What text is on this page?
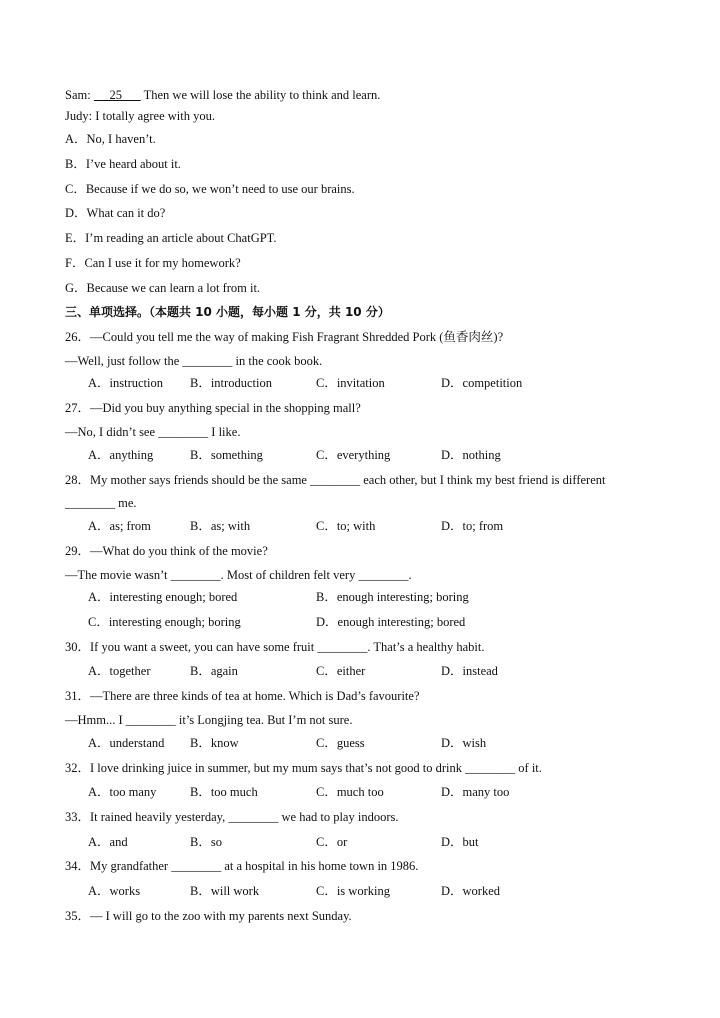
Sam:      25       Then we will lose the ability to think and learn.
Judy: I totally agree with you.
A．No, I haven’t.
B．I’ve heard about it.
C．Because if we do so, we won’t need to use our brains.
D．What can it do?
E．I’m reading an article about ChatGPT.
F．Can I use it for my homework?
G．Because we can learn a lot from it.
三、单项选择。（本题共 10 小题，每小题 1 分，共 10 分）
26．—Could you tell me the way of making Fish Fragrant Shredded Pork (鱼香肉丝)?
—Well, just follow the ________ in the cook book.
A．instruction B．introduction	C．invitation	D．competition
27．—Did you buy anything special in the shopping mall?
—No, I didn’t see ________ I like.
A．anything	B．something	C．everything	D．nothing
28．My mother says friends should be the same ________ each other, but I think my best friend is different
________ me.
A．as; from	B．as; with	C．to; with	D．to; from
29．—What do you think of the movie?
—The movie wasn’t ________. Most of children felt very ________.
A．interesting enough; bored	B．enough interesting; boring
C．interesting enough; boring	D．enough interesting; bored
30．If you want a sweet, you can have some fruit ________. That’s a healthy habit.
A．together	B．again	C．either	D．instead
31．—There are three kinds of tea at home. Which is Dad’s favourite?
—Hmm... I ________ it’s Longjing tea. But I’m not sure.
A．understand B．know	C．guess	D．wish
32．I love drinking juice in summer, but my mum says that’s not good to drink ________ of it.
A．too many	B．too much	C．much too	D．many too
33．It rained heavily yesterday, ________ we had to play indoors.
A．and	B．so	C．or	D．but
34．My grandfather ________ at a hospital in his home town in 1986.
A．works	B．will work	C．is working	D．worked
35．— I will go to the zoo with my parents next Sunday.
